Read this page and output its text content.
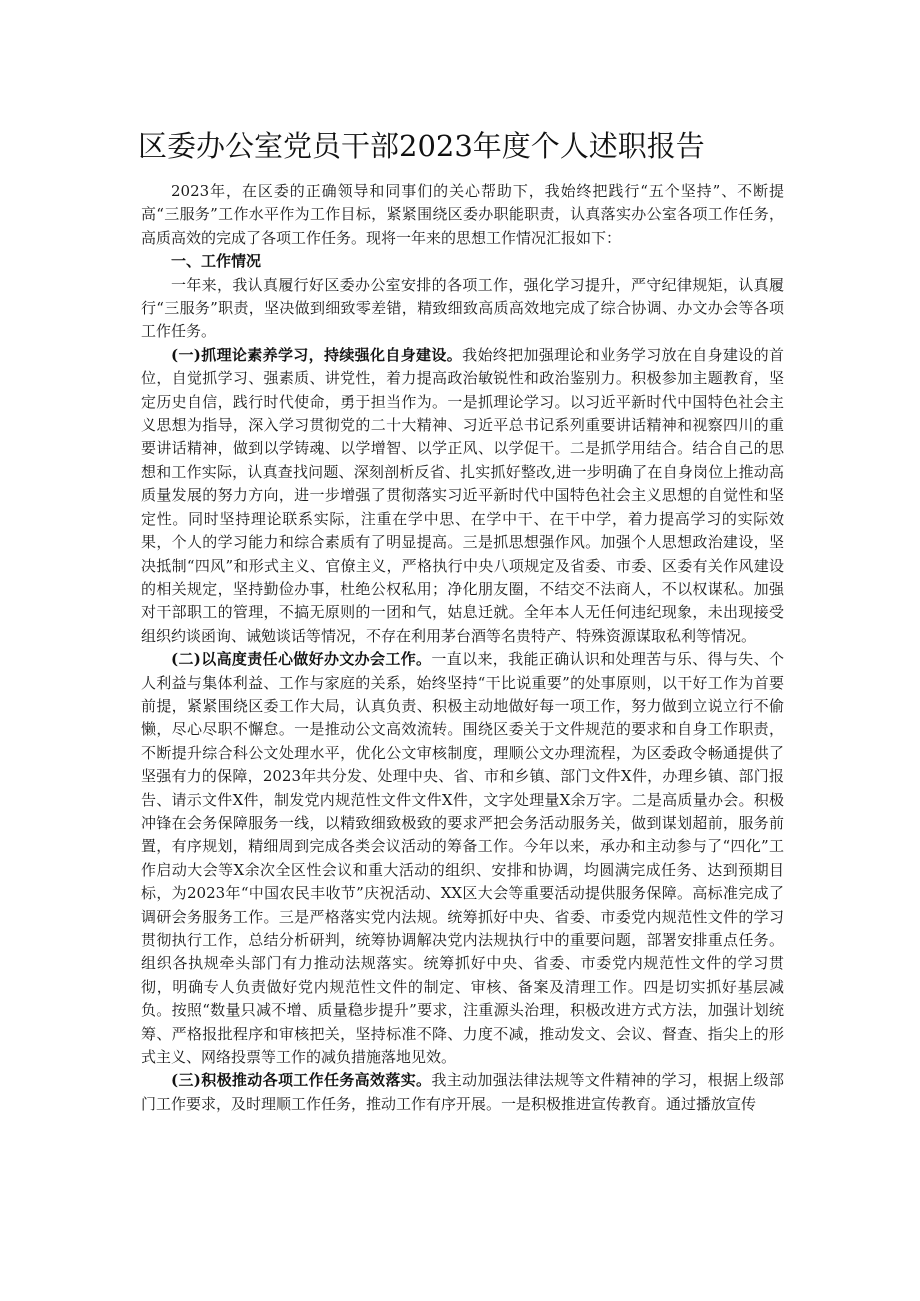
区委办公室党员干部2023年度个人述职报告

2023年，在区委的正确领导和同事们的关心帮助下，我始终把践行“五个坚持”、不断提高“三服务”工作水平作为工作目标，紧紧围绕区委办职能职责，认真落实办公室各项工作任务，高质高效的完成了各项工作任务。现将一年来的思想工作情况汇报如下：

一、工作情况

一年来，我认真履行好区委办公室安排的各项工作，强化学习提升，严守纪律规矩，认真履行“三服务”职责，坚决做到细致零差错，精致细致高质高效地完成了综合协调、办文办会等各项工作任务。

(一)抓理论素养学习，持续强化自身建设。我始终把加强理论和业务学习放在自身建设的首位，自觉抓学习、强素质、讲党性，着力提高政治敏锐性和政治鉴别力。积极参加主题教育，坚定历史自信，践行时代使命，勇于担当作为。一是抓理论学习。以习近平新时代中国特色社会主义思想为指导，深入学习贯彻党的二十大精神、习近平总书记系列重要讲话精神和视察四川的重要讲话精神，做到以学铸魂、以学增智、以学正风、以学促干。二是抓学用结合。结合自己的思想和工作实际，认真查找问题、深刻剖析反省、扎实抓好整改,进一步明确了在自身岗位上推动高质量发展的努力方向，进一步增强了贯彻落实习近平新时代中国特色社会主义思想的自觉性和坚定性。同时坚持理论联系实际，注重在学中思、在学中干、在干中学，着力提高学习的实际效果，个人的学习能力和综合素质有了明显提高。三是抓思想强作风。加强个人思想政治建设，坚决抵制“四风”和形式主义、官僚主义，严格执行中央八项规定及省委、市委、区委有关作风建设的相关规定，坚持勤俭办事，杜绝公权私用；净化朋友圈，不结交不法商人，不以权谋私。加强对干部职工的管理，不搞无原则的一团和气，姑息迁就。全年本人无任何违纪现象，未出现接受组织约谈函询、诫勉谈话等情况，不存在利用茅台酒等名贵特产、特殊资源谋取私利等情况。

(二)以高度责任心做好办文办会工作。一直以来，我能正确认识和处理苦与乐、得与失、个人利益与集体利益、工作与家庭的关系，始终坚持“干比说重要”的处事原则，以干好工作为首要前提，紧紧围绕区委工作大局，认真负责、积极主动地做好每一项工作，努力做到立说立行不偷懒，尽心尽职不懈怠。一是推动公文高效流转。围绕区委关于文件规范的要求和自身工作职责，不断提升综合科公文处理水平，优化公文审核制度，理顺公文办理流程，为区委政令畅通提供了坚强有力的保障，2023年共分发、处理中央、省、市和乡镇、部门文件X件，办理乡镇、部门报告、请示文件X件，制发党内规范性文件文件X件，文字处理量X余万字。二是高质量办会。积极冲锋在会务保障服务一线，以精致细致极致的要求严把会务活动服务关，做到谋划超前，服务前置，有序规划，精细周到完成各类会议活动的筹备工作。今年以来，承办和主动参与了“四化”工作启动大会等X余次全区性会议和重大活动的组织、安排和协调，均圆满完成任务、达到预期目标，为2023年“中国农民丰收节”庆祝活动、XX区大会等重要活动提供服务保障。高标准完成了调研会务服务工作。三是严格落实党内法规。统筹抓好中央、省委、市委党内规范性文件的学习贯彻执行工作，总结分析研判，统筹协调解决党内法规执行中的重要问题，部署安排重点任务。组织各执规牵头部门有力推动法规落实。统筹抓好中央、省委、市委党内规范性文件的学习贯彻，明确专人负责做好党内规范性文件的制定、审核、备案及清理工作。四是切实抓好基层减负。按照“数量只减不增、质量稳步提升”要求，注重源头治理，积极改进方式方法，加强计划统筹、严格报批程序和审核把关，坚持标准不降、力度不减，推动发文、会议、督查、指尖上的形式主义、网络投票等工作的减负措施落地见效。

(三)积极推动各项工作任务高效落实。我主动加强法律法规等文件精神的学习，根据上级部门工作要求，及时理顺工作任务，推动工作有序开展。一是积极推进宣传教育。通过播放宣传
